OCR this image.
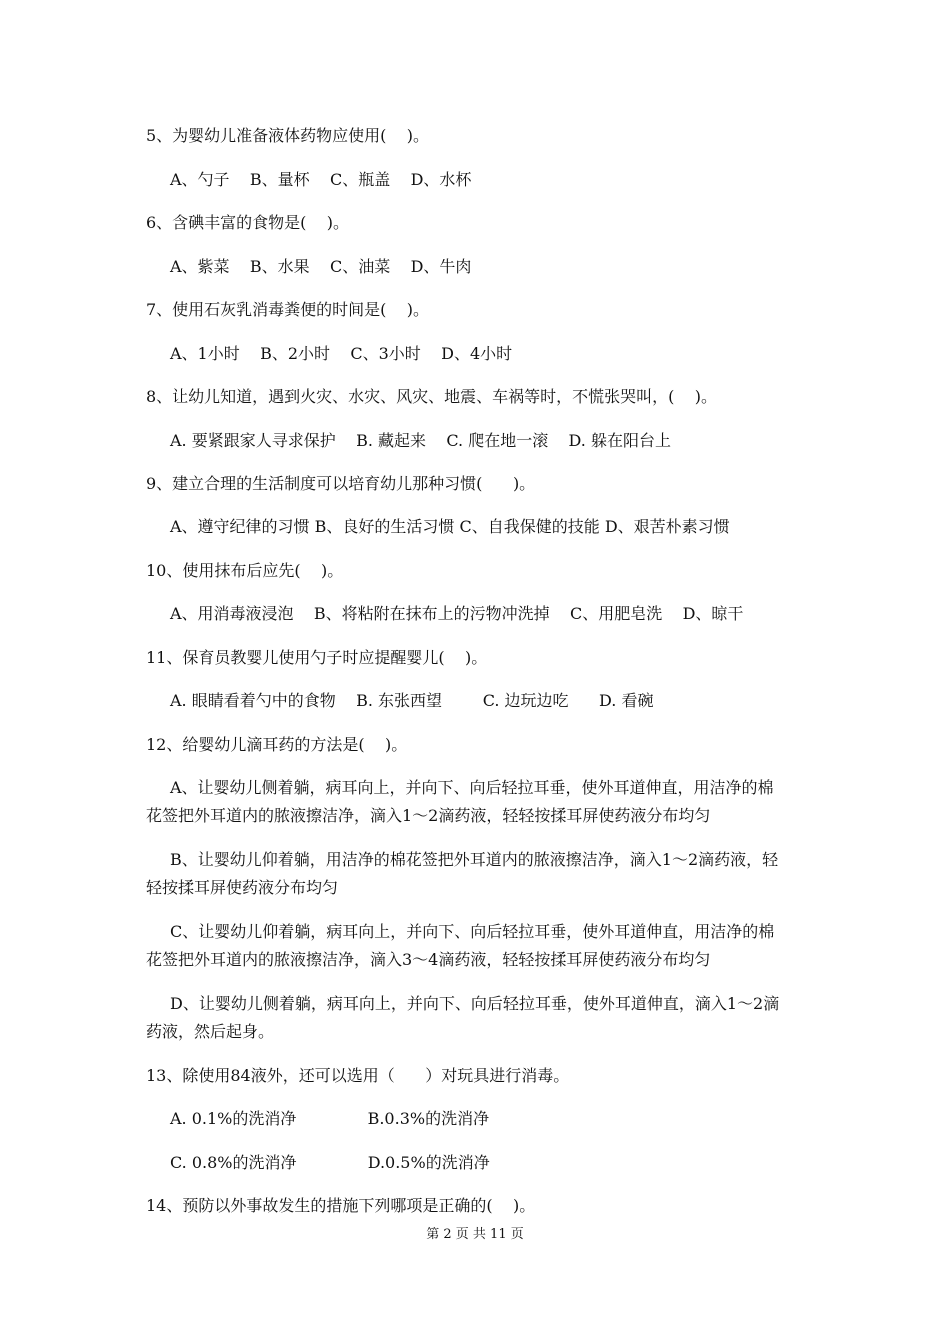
5、为婴幼儿准备液体药物应使用(    )。
A、勺子    B、量杯    C、瓶盖    D、水杯
6、含碘丰富的食物是(    )。
A、紫菜    B、水果    C、油菜    D、牛肉
7、使用石灰乳消毒粪便的时间是(    )。
A、1小时    B、2小时    C、3小时    D、4小时
8、让幼儿知道，遇到火灾、水灾、风灾、地震、车祸等时，不慌张哭叫，(    )。
A. 要紧跟家人寻求保护    B. 藏起来    C. 爬在地一滚    D. 躲在阳台上
9、建立合理的生活制度可以培育幼儿那种习惯(      )。
A、遵守纪律的习惯 B、良好的生活习惯 C、自我保健的技能 D、艰苦朴素习惯
10、使用抹布后应先(    )。
A、用消毒液浸泡    B、将粘附在抹布上的污物冲洗掉    C、用肥皂洗    D、晾干
11、保育员教婴儿使用勺子时应提醒婴儿(    )。
A. 眼睛看着勺中的食物    B. 东张西望        C. 边玩边吃      D. 看碗
12、给婴幼儿滴耳药的方法是(    )。
A、让婴幼儿侧着躺，病耳向上，并向下、向后轻拉耳垂，使外耳道伸直，用洁净的棉
花签把外耳道内的脓液擦洁净，滴入1～2滴药液，轻轻按揉耳屏使药液分布均匀
B、让婴幼儿仰着躺，用洁净的棉花签把外耳道内的脓液擦洁净，滴入1～2滴药液，轻
轻按揉耳屏使药液分布均匀
C、让婴幼儿仰着躺，病耳向上，并向下、向后轻拉耳垂，使外耳道伸直，用洁净的棉
花签把外耳道内的脓液擦洁净，滴入3～4滴药液，轻轻按揉耳屏使药液分布均匀
D、让婴幼儿侧着躺，病耳向上，并向下、向后轻拉耳垂，使外耳道伸直，滴入1～2滴
药液，然后起身。
13、除使用84液外，还可以选用（      ）对玩具进行消毒。
A. 0.1%的洗消净              B.0.3%的洗消净
C. 0.8%的洗消净              D.0.5%的洗消净
14、预防以外事故发生的措施下列哪项是正确的(    )。
第 2 页 共 11 页
